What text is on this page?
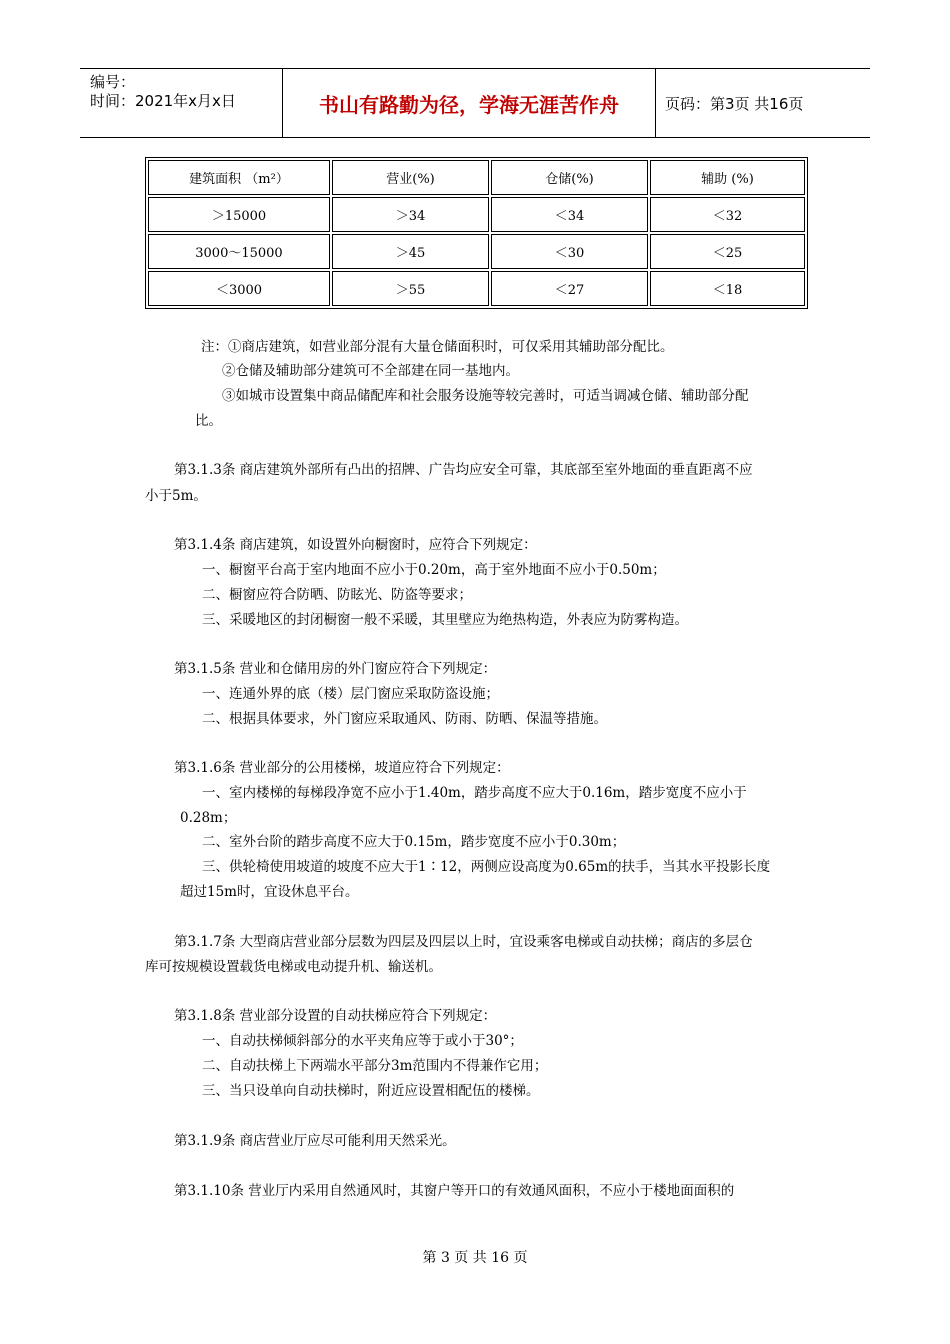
编号：
时间：2021年x月x日	书山有路勤为径，学海无涯苦作舟	页码：第3页 共16页
建筑面积 （m²）	营业(%)	仓储(%)	辅助 (%)
＞15000	＞34	＜34	＜32
3000～15000	＞45	＜30	＜25
＜3000	＞55	＜27	＜18
注：①商店建筑，如营业部分混有大量仓储面积时，可仅采用其辅助部分配比。
②仓储及辅助部分建筑可不全部建在同一基地内。
③如城市设置集中商品储配库和社会服务设施等较完善时，可适当调减仓储、辅助部分配
比。
第3.1.3条 商店建筑外部所有凸出的招牌、广告均应安全可靠，其底部至室外地面的垂直距离不应
小于5m。
第3.1.4条 商店建筑，如设置外向橱窗时，应符合下列规定：
一、橱窗平台高于室内地面不应小于0.20m，高于室外地面不应小于0.50m；
二、橱窗应符合防晒、防眩光、防盗等要求；
三、采暖地区的封闭橱窗一般不采暖，其里壁应为绝热构造，外表应为防雾构造。
第3.1.5条 营业和仓储用房的外门窗应符合下列规定：
一、连通外界的底（楼）层门窗应采取防盗设施；
二、根据具体要求，外门窗应采取通风、防雨、防晒、保温等措施。
第3.1.6条 营业部分的公用楼梯，坡道应符合下列规定：
一、室内楼梯的每梯段净宽不应小于1.40m，踏步高度不应大于0.16m，踏步宽度不应小于
0.28m；
二、室外台阶的踏步高度不应大于0.15m，踏步宽度不应小于0.30m；
三、供轮椅使用坡道的坡度不应大于1∶12，两侧应设高度为0.65m的扶手，当其水平投影长度
超过15m时，宜设休息平台。
第3.1.7条 大型商店营业部分层数为四层及四层以上时，宜设乘客电梯或自动扶梯；商店的多层仓
库可按规模设置载货电梯或电动提升机、输送机。
第3.1.8条 营业部分设置的自动扶梯应符合下列规定：
一、自动扶梯倾斜部分的水平夹角应等于或小于30°；
二、自动扶梯上下两端水平部分3m范围内不得兼作它用；
三、当只设单向自动扶梯时，附近应设置相配伍的楼梯。
第3.1.9条 商店营业厅应尽可能利用天然采光。
第3.1.10条 营业厅内采用自然通风时，其窗户等开口的有效通风面积，不应小于楼地面面积的
第 3 页 共 16 页
